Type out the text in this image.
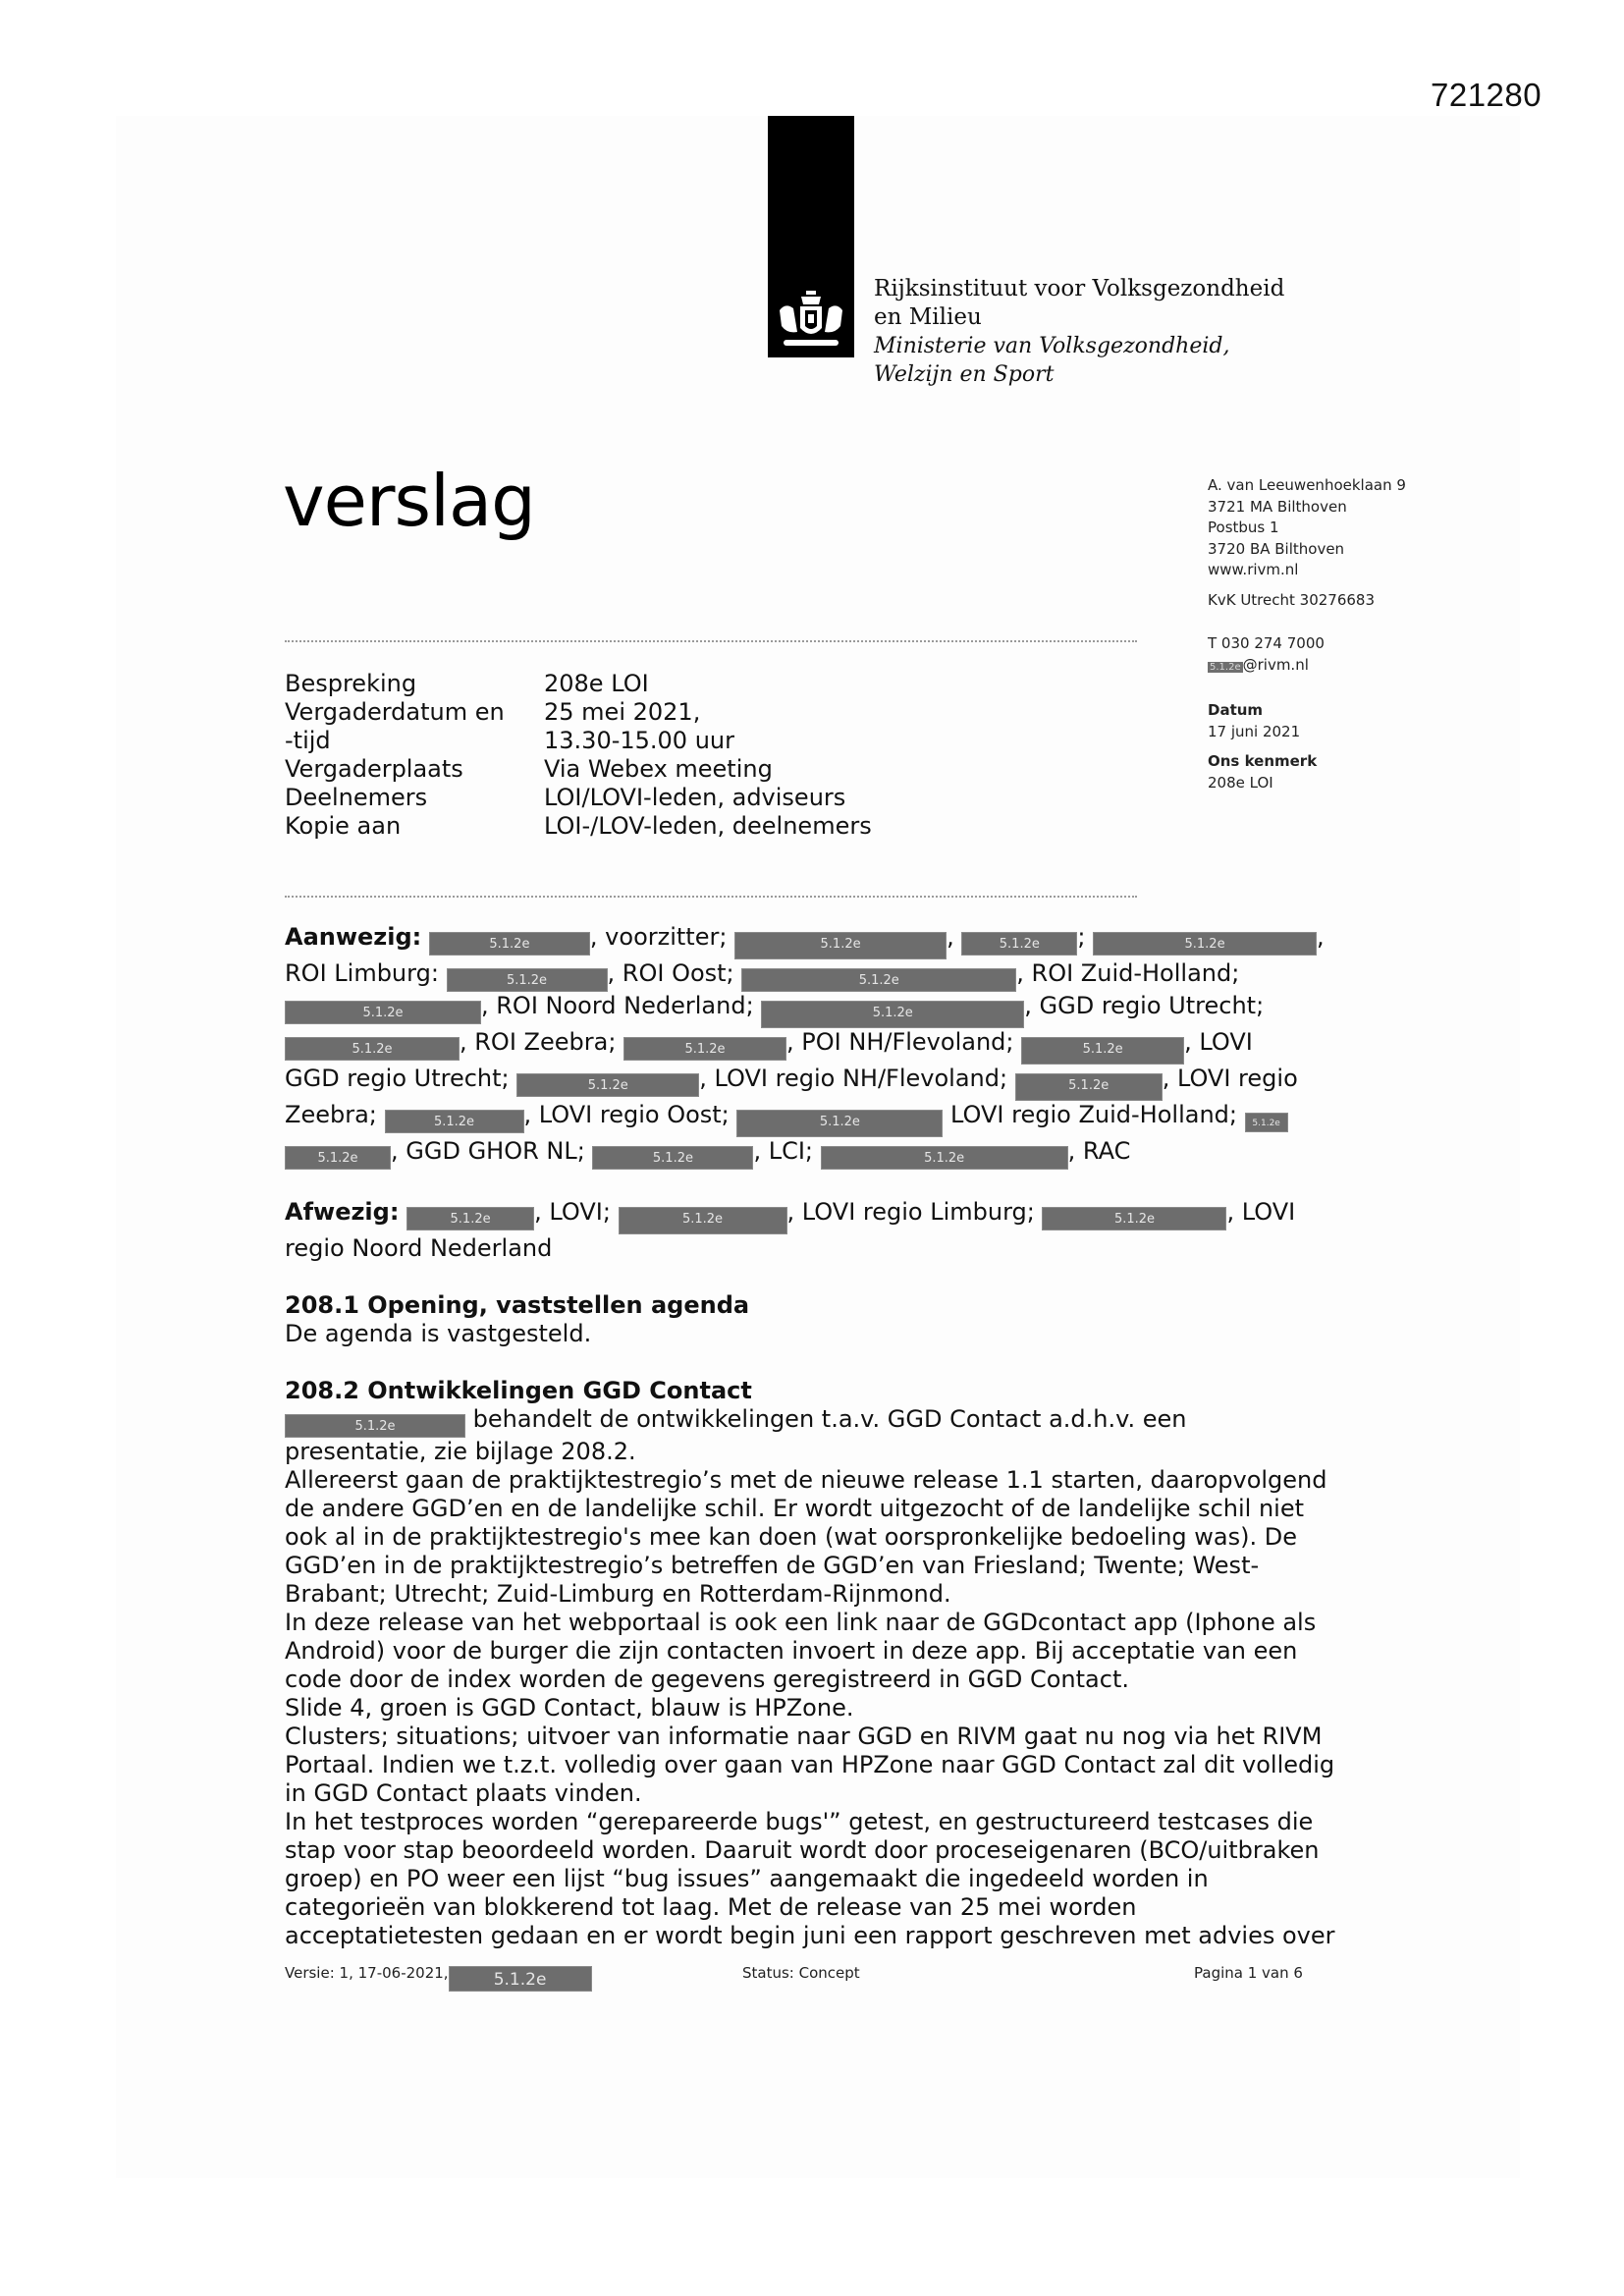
721280
Rijksinstituut voor Volksgezondheid
en Milieu
Ministerie van Volksgezondheid,
Welzijn en Sport
verslag	A. van Leeuwenhoeklaan 9
3721 MA Bilthoven
Postbus 1
3720 BA Bilthoven
www.rivm.nl
KvK Utrecht 30276683
T 030 274 7000
5.1.2e @rivm.nl
Datum
17 juni 2021
Ons kenmerk
208e LOI
Bespreking	208e LOI
Vergaderdatum en	25 mei 2021,
-tijd	13.30-15.00 uur
Vergaderplaats	Via Webex meeting
Deelnemers	LOI/LOVI-leden, adviseurs
Kopie aan	LOI-/LOV-leden, deelnemers
Aanwezig:	5.1.2e	, voorzitter;	5.1.2e	,	5.1.2e ;	5.1.2e	,
ROI Limburg:	5.1.2e	, ROI Oost;	5.1.2e	, ROI Zuid-Holland;
5.1.2e	, ROI Noord Nederland;	5.1.2e	, GGD regio Utrecht;
5.1.2e	, ROI Zeebra;	5.1.2e	, POI NH/Flevoland;	5.1.2e	, LOVI
GGD regio Utrecht;	5.1.2e	, LOVI regio NH/Flevoland;	5.1.2e , LOVI regio
Zeebra;	5.1.2e , LOVI regio Oost;	5.1.2e	LOVI regio Zuid-Holland; 5.1.2e
5.1.2e , GGD GHOR NL;	5.1.2e	, LCI;	5.1.2e	, RAC
Afwezig:	5.1.2e , LOVI;	5.1.2e	, LOVI regio Limburg;	5.1.2e	, LOVI
regio Noord Nederland
208.1 Opening, vaststellen agenda
De agenda is vastgesteld.
208.2 Ontwikkelingen GGD Contact
5.1.2e	behandelt de ontwikkelingen t.a.v. GGD Contact a.d.h.v. een
presentatie, zie bijlage 208.2.
Allereerst gaan de praktijktestregio’s met de nieuwe release 1.1 starten, daaropvolgend
de andere GGD’en en de landelijke schil. Er wordt uitgezocht of de landelijke schil niet
ook al in de praktijktestregio's mee kan doen (wat oorspronkelijke bedoeling was). De
GGD’en in de praktijktestregio’s betreffen de GGD’en van Friesland; Twente; West-
Brabant; Utrecht; Zuid-Limburg en Rotterdam-Rijnmond.
In deze release van het webportaal is ook een link naar de GGDcontact app (Iphone als
Android) voor de burger die zijn contacten invoert in deze app. Bij acceptatie van een
code door de index worden de gegevens geregistreerd in GGD Contact.
Slide 4, groen is GGD Contact, blauw is HPZone.
Clusters; situations; uitvoer van informatie naar GGD en RIVM gaat nu nog via het RIVM
Portaal. Indien we t.z.t. volledig over gaan van HPZone naar GGD Contact zal dit volledig
in GGD Contact plaats vinden.
In het testproces worden “gerepareerde bugs'” getest, en gestructureerd testcases die
stap voor stap beoordeeld worden. Daaruit wordt door proceseigenaren (BCO/uitbraken
groep) en PO weer een lijst “bug issues” aangemaakt die ingedeeld worden in
categorieën van blokkerend tot laag. Met de release van 25 mei worden
acceptatietesten gedaan en er wordt begin juni een rapport geschreven met advies over
Versie: 1, 17-06-2021,	5.1.2e	Status: Concept	Pagina 1 van 6
